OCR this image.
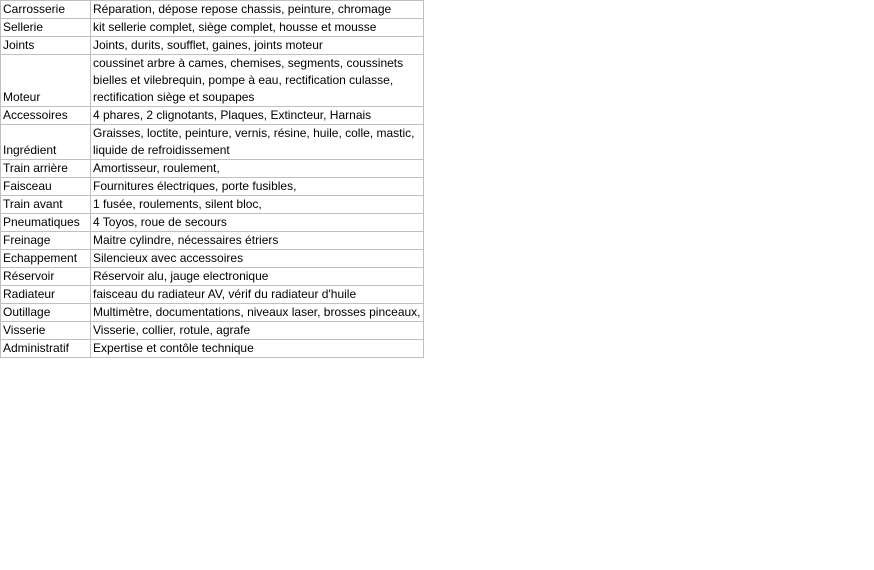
Carrosserie	Réparation, dépose repose chassis, peinture, chromage
Sellerie	kit sellerie complet, siège complet, housse et mousse
Joints	Joints, durits, soufflet, gaines, joints moteur
Moteur	coussinet arbre à cames, chemises, segments, coussinets bielles et vilebrequin, pompe à eau, rectification culasse, rectification siège et soupapes
Accessoires	4 phares, 2 clignotants, Plaques, Extincteur, Harnais
Ingrédient	Graisses, loctite, peinture, vernis, résine, huile, colle, mastic, liquide de refroidissement
Train arrière	Amortisseur, roulement,
Faisceau	Fournitures électriques, porte fusibles,
Train avant	1 fusée, roulements, silent bloc,
Pneumatiques	4 Toyos, roue de secours
Freinage	Maitre cylindre, nécessaires étriers
Echappement	Silencieux avec accessoires
Réservoir	Réservoir alu, jauge electronique
Radiateur	faisceau du radiateur AV, vérif du radiateur d'huile
Outillage	Multimètre, documentations, niveaux laser, brosses pinceaux,
Visserie	Visserie, collier, rotule, agrafe
Administratif	Expertise et contôle technique
